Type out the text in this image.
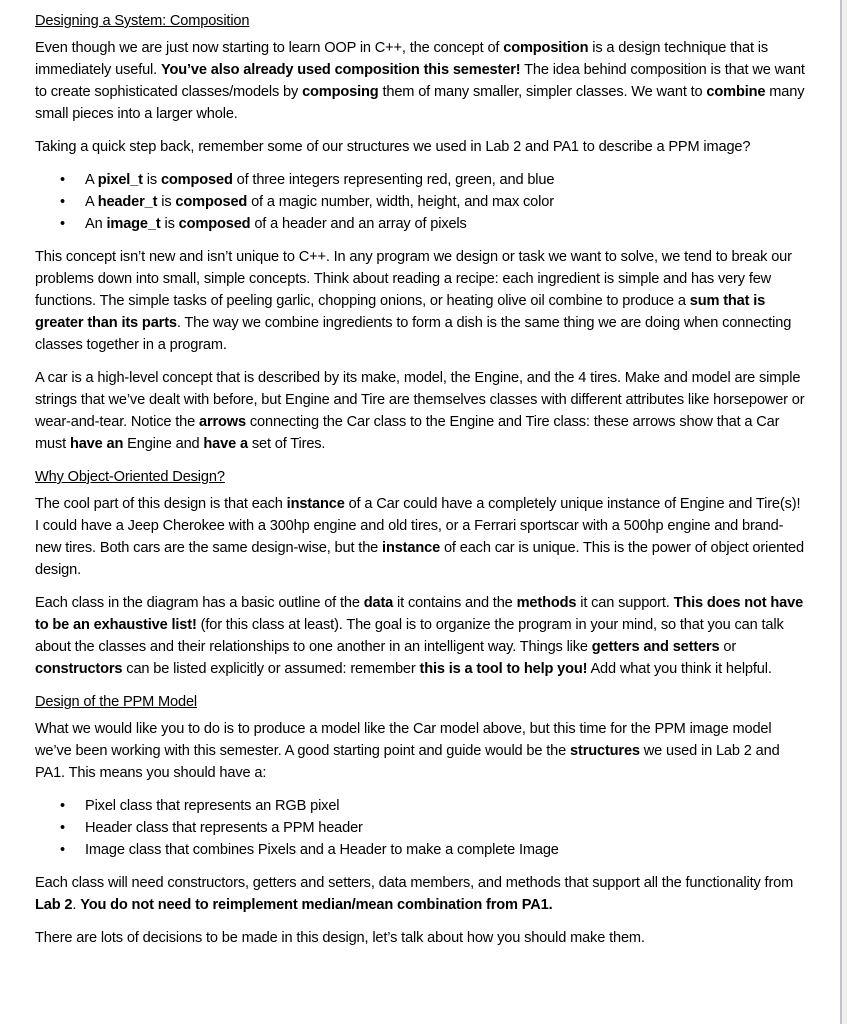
Designing a System: Composition

Even though we are just now starting to learn OOP in C++, the concept of composition is a design technique that is immediately useful. You’ve also already used composition this semester! The idea behind composition is that we want to create sophisticated classes/models by composing them of many smaller, simpler classes. We want to combine many small pieces into a larger whole.

Taking a quick step back, remember some of our structures we used in Lab 2 and PA1 to describe a PPM image?

• A pixel_t is composed of three integers representing red, green, and blue
• A header_t is composed of a magic number, width, height, and max color
• An image_t is composed of a header and an array of pixels

This concept isn’t new and isn’t unique to C++. In any program we design or task we want to solve, we tend to break our problems down into small, simple concepts. Think about reading a recipe: each ingredient is simple and has very few functions. The simple tasks of peeling garlic, chopping onions, or heating olive oil combine to produce a sum that is greater than its parts. The way we combine ingredients to form a dish is the same thing we are doing when connecting classes together in a program.

A car is a high-level concept that is described by its make, model, the Engine, and the 4 tires. Make and model are simple strings that we’ve dealt with before, but Engine and Tire are themselves classes with different attributes like horsepower or wear-and-tear. Notice the arrows connecting the Car class to the Engine and Tire class: these arrows show that a Car must have an Engine and have a set of Tires.

Why Object-Oriented Design?

The cool part of this design is that each instance of a Car could have a completely unique instance of Engine and Tire(s)! I could have a Jeep Cherokee with a 300hp engine and old tires, or a Ferrari sportscar with a 500hp engine and brand-new tires. Both cars are the same design-wise, but the instance of each car is unique. This is the power of object oriented design.

Each class in the diagram has a basic outline of the data it contains and the methods it can support. This does not have to be an exhaustive list! (for this class at least). The goal is to organize the program in your mind, so that you can talk about the classes and their relationships to one another in an intelligent way. Things like getters and setters or constructors can be listed explicitly or assumed: remember this is a tool to help you! Add what you think it helpful.

Design of the PPM Model

What we would like you to do is to produce a model like the Car model above, but this time for the PPM image model we’ve been working with this semester. A good starting point and guide would be the structures we used in Lab 2 and PA1. This means you should have a:

• Pixel class that represents an RGB pixel
• Header class that represents a PPM header
• Image class that combines Pixels and a Header to make a complete Image

Each class will need constructors, getters and setters, data members, and methods that support all the functionality from Lab 2. You do not need to reimplement median/mean combination from PA1.

There are lots of decisions to be made in this design, let’s talk about how you should make them.
